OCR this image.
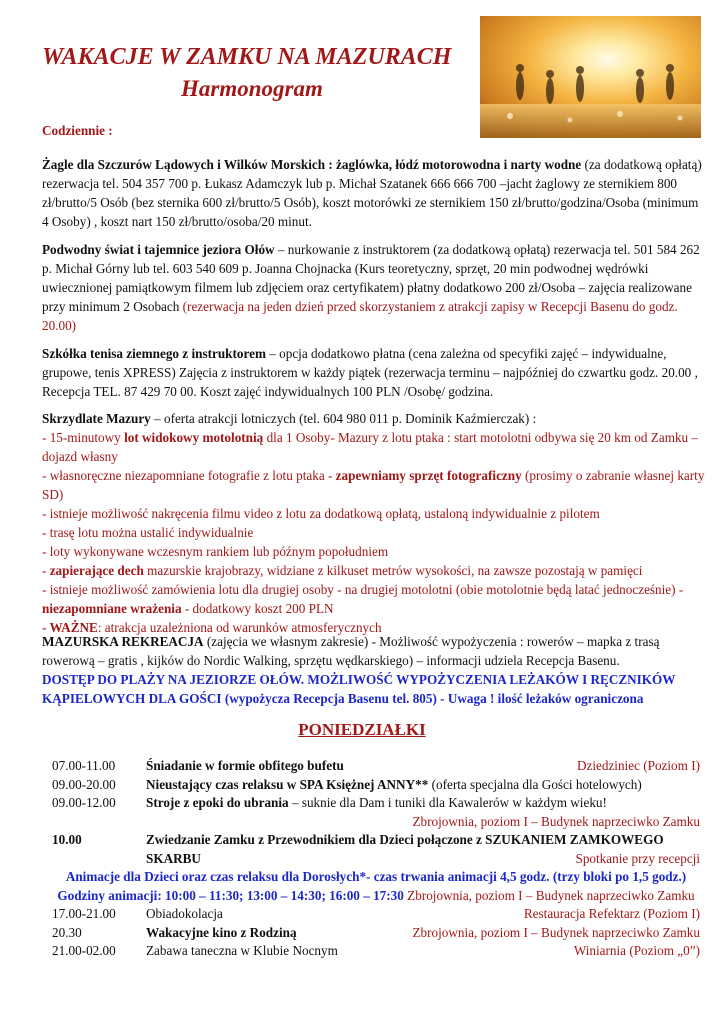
WAKACJE W ZAMKU NA MAZURACH
Harmonogram
Codziennie :
Żagle dla Szczurów Lądowych i Wilków Morskich : żaglówka, łódź motorowodna i narty wodne (za dodatkową opłatą) rezerwacja tel. 504 357 700 p. Łukasz Adamczyk lub p. Michał Szatanek 666 666 700 –jacht żaglowy ze sternikiem 800 zł/brutto/5 Osób (bez sternika 600 zł/brutto/5 Osób), koszt motorówki ze sternikiem 150 zł/brutto/godzina/Osoba (minimum 4 Osoby) , koszt nart 150 zł/brutto/osoba/20 minut.
Podwodny świat i tajemnice jeziora Ołów – nurkowanie z instruktorem (za dodatkową opłatą) rezerwacja tel. 501 584 262 p. Michał Górny lub tel. 603 540 609 p. Joanna Chojnacka (Kurs teoretyczny, sprzęt, 20 min podwodnej wędrówki uwiecznionej pamiątkowym filmem lub zdjęciem oraz certyfikatem) płatny dodatkowo 200 zł/Osoba – zajęcia realizowane przy minimum 2 Osobach (rezerwacja na jeden dzień przed skorzystaniem z atrakcji zapisy w Recepcji Basenu do godz. 20.00)
Szkółka tenisa ziemnego z instruktorem – opcja dodatkowo płatna (cena zależna od specyfiki zajęć – indywidualne, grupowe, tenis XPRESS) Zajęcia z instruktorem w każdy piątek (rezerwacja terminu – najpóźniej do czwartku godz. 20.00 , Recepcja TEL. 87 429 70 00. Koszt zajęć indywidualnych 100 PLN /Osobę/ godzina.
Skrzydlate Mazury – oferta atrakcji lotniczych (tel. 604 980 011 p. Dominik Kaźmierczak) :
- 15-minutowy lot widokowy motolotnią dla 1 Osoby- Mazury z lotu ptaka : start motolotni odbywa się 20 km od Zamku – dojazd własny
- własnoręczne niezapomniane fotografie z lotu ptaka - zapewniamy sprzęt fotograficzny (prosimy o zabranie własnej karty SD)
- istnieje możliwość nakręcenia filmu video z lotu za dodatkową opłatą, ustaloną indywidualnie z pilotem
- trasę lotu można ustalić indywidualnie
- loty wykonywane wczesnym rankiem lub późnym popołudniem
- zapierające dech mazurskie krajobrazy, widziane z kilkuset metrów wysokości, na zawsze pozostają w pamięci
- istnieje możliwość zamówienia lotu dla drugiej osoby - na drugiej motolotni (obie motolotnie będą latać jednocześnie) - niezapomniane wrażenia - dodatkowy koszt 200 PLN
- WAŻNE: atrakcja uzależniona od warunków atmosferycznych
MAZURSKA REKREACJA (zajęcia we własnym zakresie) - Możliwość wypożyczenia : rowerów – mapka z trasą rowerową – gratis , kijków do Nordic Walking, sprzętu wędkarskiego) – informacji udziela Recepcja Basenu.
DOSTĘP DO PLAŻY NA JEZIORZE OŁÓW. MOŻLIWOŚĆ WYPOŻYCZENIA LEŻAKÓW I RĘCZNIKÓW KĄPIELOWYCH DLA GOŚCI (wypożycza Recepcja Basenu tel. 805) - Uwaga ! ilość leżaków ograniczona
PONIEDZIAŁKI
07.00-11.00 Śniadanie w formie obfitego bufetu	Dziedziniec (Poziom I)
09.00-20.00 Nieustający czas relaksu w SPA Księżnej ANNY** (oferta specjalna dla Gości hotelowych)
09.00-12.00 Stroje z epoki do ubrania – suknie dla Dam i tuniki dla Kawalerów w każdym wieku!
Zbrojownia, poziom I – Budynek naprzeciwko Zamku
10.00	Zwiedzanie Zamku z Przewodnikiem dla Dzieci połączone z SZUKANIEM ZAMKOWEGO
SKARBU	Spotkanie przy recepcji
Animacje dla Dzieci oraz czas relaksu dla Dorosłych*- czas trwania animacji 4,5 godz. (trzy bloki po 1,5 godz.)
Godziny animacji: 10:00 – 11:30; 13:00 – 14:30; 16:00 – 17:30 Zbrojownia, poziom I – Budynek naprzeciwko Zamku
17.00-21.00 Obiadokolacja	Restauracja Refektarz (Poziom I)
20.30	Wakacyjne kino z Rodziną	Zbrojownia, poziom I – Budynek naprzeciwko Zamku
21.00-02.00 Zabawa taneczna w Klubie Nocnym	Winiarnia (Poziom „0”)
